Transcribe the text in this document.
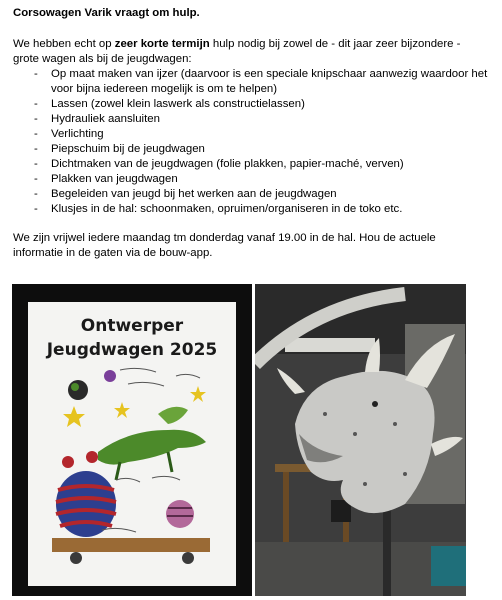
Corsowagen Varik vraagt om hulp.

We hebben echt op zeer korte termijn hulp nodig bij zowel de - dit jaar zeer bijzondere -
grote wagen als bij de jeugdwagen:

- Op maat maken van ijzer (daarvoor is een speciale knipschaar aanwezig waardoor het
voor bijna iedereen mogelijk is om te helpen)
- Lassen (zowel klein laswerk als constructielassen)
- Hydrauliek aansluiten
- Verlichting
- Piepschuim bij de jeugdwagen
- Dichtmaken van de jeugdwagen (folie plakken, papier-maché, verven)
- Plakken van jeugdwagen
- Begeleiden van jeugd bij het werken aan de jeugdwagen
- Klusjes in de hal: schoonmaken, opruimen/organiseren in de toko etc.

We zijn vrijwel iedere maandag tm donderdag vanaf 19.00 in de hal. Hou de actuele
informatie in de gaten via de bouw-app.

Ontwerper
Jeugdwagen 2025
